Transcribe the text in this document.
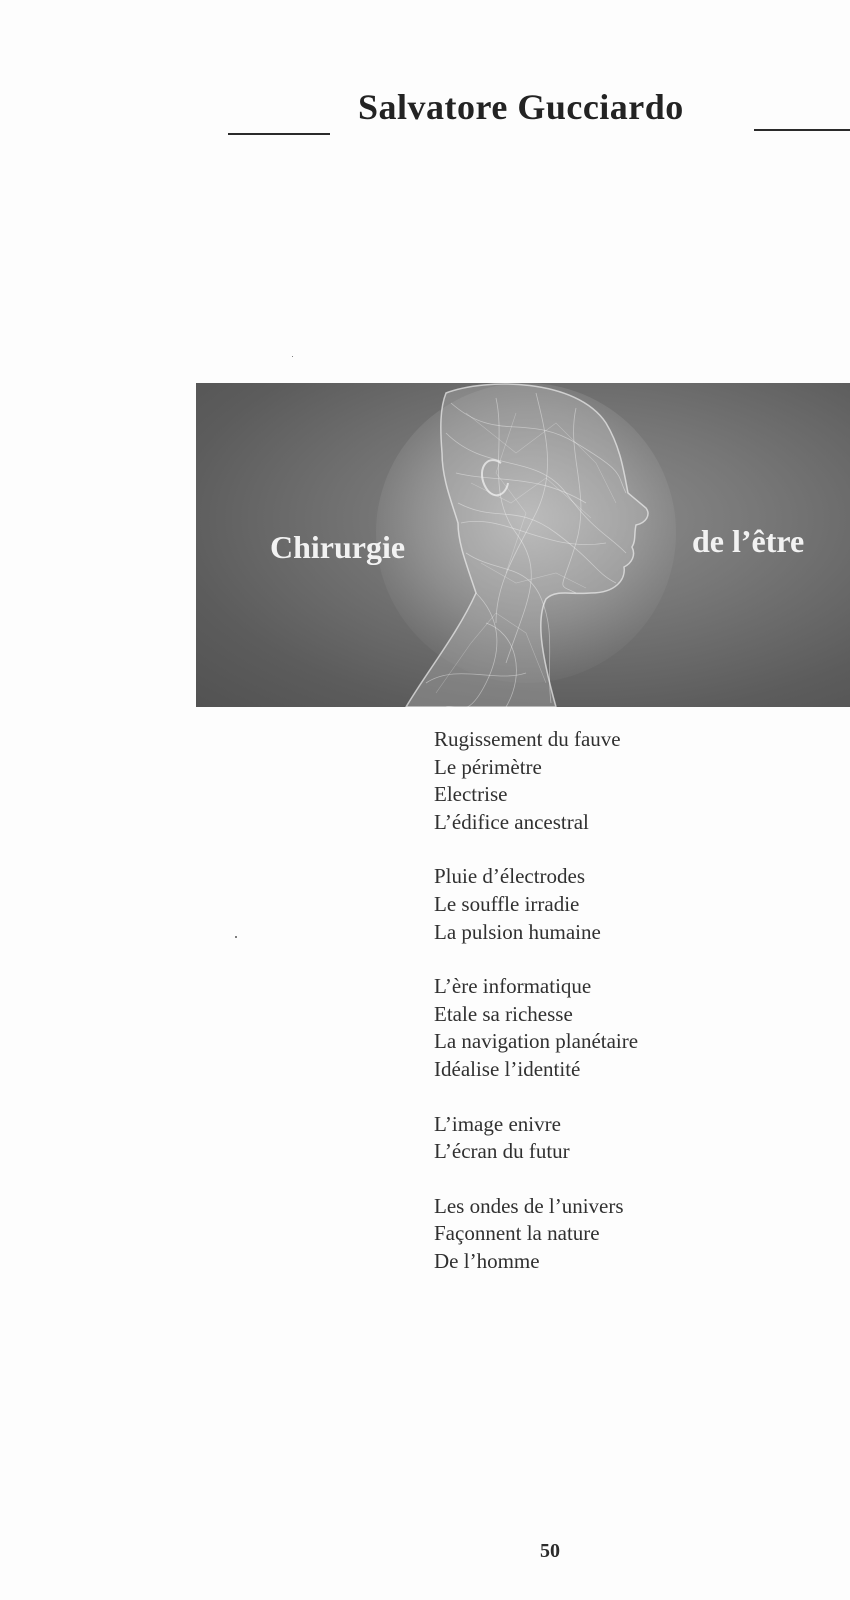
Salvatore Gucciardo
Chirurgie	de l’être
Rugissement du fauve
Le périmètre
Electrise
L’édifice ancestral
Pluie d’électrodes
Le souffle irradie
La pulsion humaine
L’ère informatique
Etale sa richesse
La navigation planétaire
Idéalise l’identité
L’image enivre
L’écran du futur
Les ondes de l’univers
Façonnent la nature
De l’homme
50
